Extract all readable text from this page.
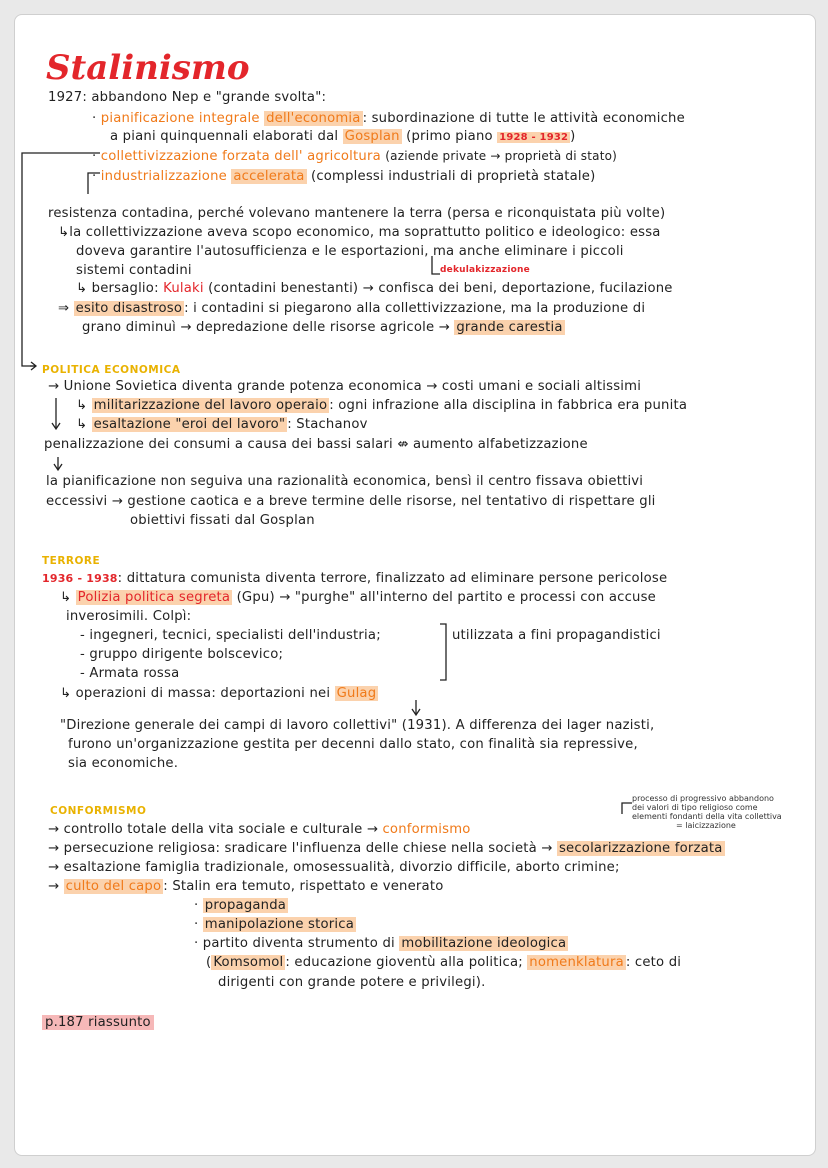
Stalinismo
1927: abbandono Nep e "grande svolta":
· pianificazione integrale dell'economia : subordinazione di tutte le attività economiche
a piani quinquennali elaborati dal Gosplan (primo piano 1928 - 1932 )
· collettivizzazione forzata dell' agricoltura (aziende private → proprietà di stato)
· industrializzazione accelerata (complessi industriali di proprietà statale)
resistenza contadina, perché volevano mantenere la terra (persa e riconquistata più volte)
↳la collettivizzazione aveva scopo economico, ma soprattutto politico e ideologico: essa
doveva garantire l'autosufficienza e le esportazioni, ma anche eliminare i piccoli
sistemi contadini	dekulakizzazione
↳ bersaglio: Kulaki (contadini benestanti) → confisca dei beni, deportazione, fucilazione
⇒ esito disastroso : i contadini si piegarono alla collettivizzazione, ma la produzione di
grano diminuì → depredazione delle risorse agricole → grande carestia
POLITICA ECONOMICA
→ Unione Sovietica diventa grande potenza economica → costi umani e sociali altissimi
↳ militarizzazione del lavoro operaio : ogni infrazione alla disciplina in fabbrica era punita
↳ esaltazione "eroi del lavoro" : Stachanov
penalizzazione dei consumi a causa dei bassi salari ⇎ aumento alfabetizzazione
la pianificazione non seguiva una razionalità economica, bensì il centro fissava obiettivi
eccessivi → gestione caotica e a breve termine delle risorse, nel tentativo di rispettare gli
obiettivi fissati dal Gosplan
TERRORE
1936 - 1938: dittatura comunista diventa terrore, finalizzato ad eliminare persone pericolose
↳ Polizia politica segreta (Gpu) → "purghe" all'interno del partito e processi con accuse
inverosimili. Colpì:
- ingegneri, tecnici, specialisti dell'industria;
- gruppo dirigente bolscevico;
- Armata rossa
utilizzata a fini propagandistici
↳ operazioni di massa: deportazioni nei Gulag
"Direzione generale dei campi di lavoro collettivi" (1931). A differenza dei lager nazisti,
furono un'organizzazione gestita per decenni dallo stato, con finalità sia repressive,
sia economiche.
CONFORMISMO
processo di progressivo abbandono
dei valori di tipo religioso come
elementi fondanti della vita collettiva
= laicizzazione
→ controllo totale della vita sociale e culturale → conformismo
→ persecuzione religiosa: sradicare l'influenza delle chiese nella società → secolarizzazione forzata
→ esaltazione famiglia tradizionale, omosessualità, divorzio difficile, aborto crimine;
→ culto del capo : Stalin era temuto, rispettato e venerato
· propaganda
· manipolazione storica
· partito diventa strumento di mobilitazione ideologica
( Komsomol : educazione gioventù alla politica; nomenklatura : ceto di
dirigenti con grande potere e privilegi).
p.187 riassunto
